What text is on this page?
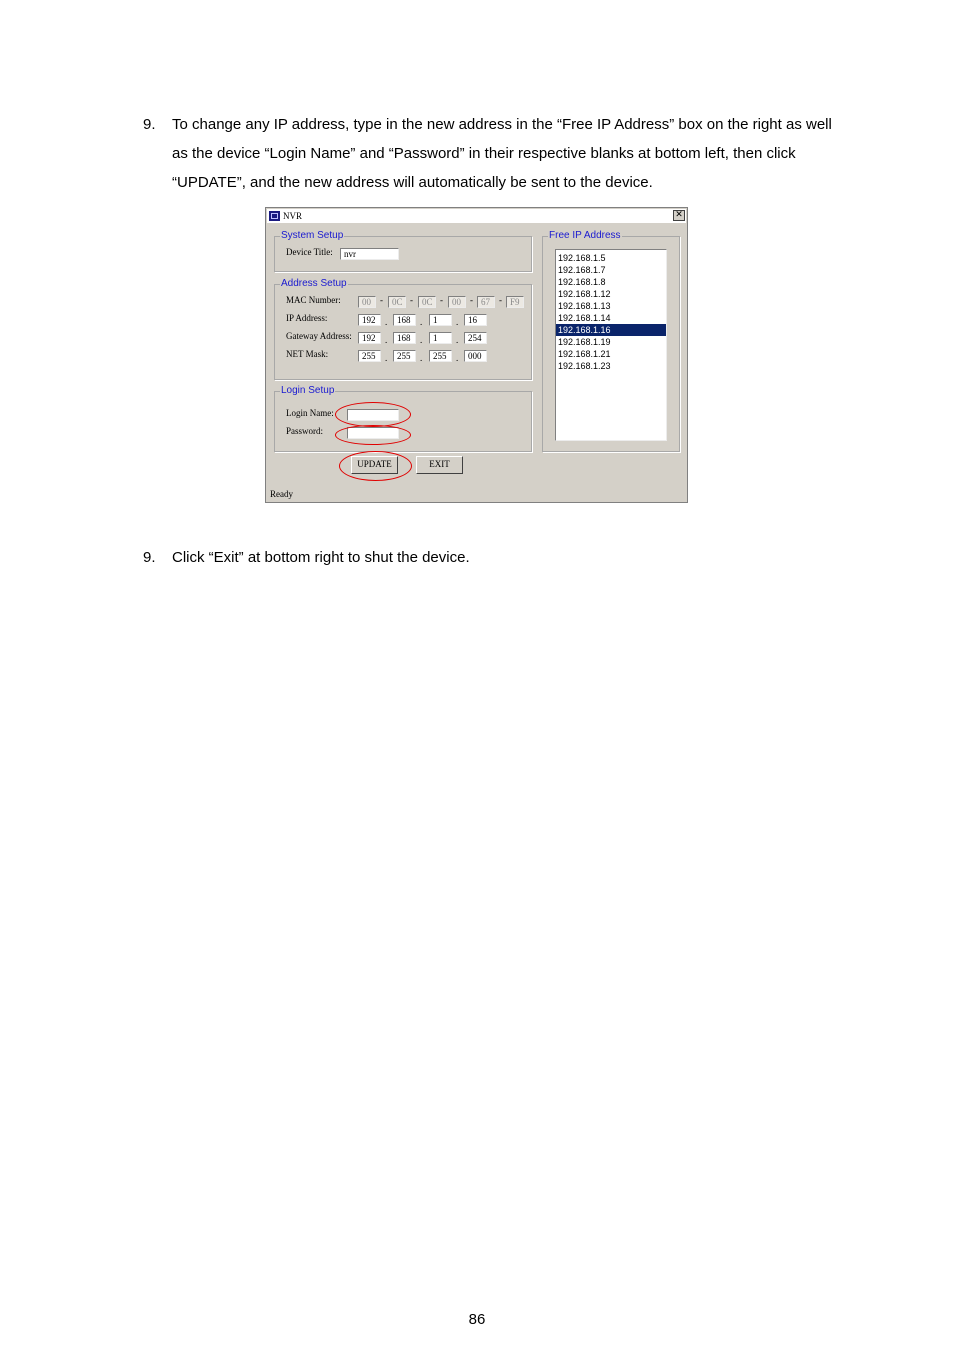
9. To change any IP address, type in the new address in the “Free IP Address” box on the right as well as the device “Login Name” and “Password” in their respective blanks at bottom left, then click “UPDATE”, and the new address will automatically be sent to the device.
NVR	✕
System Setup
Device Title:	nvr
Address Setup
MAC Number:	00	-	0C -	0C -	00	- 67	- F9
IP Address:	192	.	168	.	1	.	16
Gateway Address:	192	.	168	.	1	.	254
NET Mask:	255	.	255	.	255	.	000
Login Setup
Login Name:
Password:
Free IP Address
192.168.1.5
192.168.1.7
192.168.1.8
192.168.1.12
192.168.1.13
192.168.1.14
192.168.1.16
192.168.1.19
192.168.1.21
192.168.1.23
UPDATE	EXIT
Ready
9. Click “Exit” at bottom right to shut the device.
86
